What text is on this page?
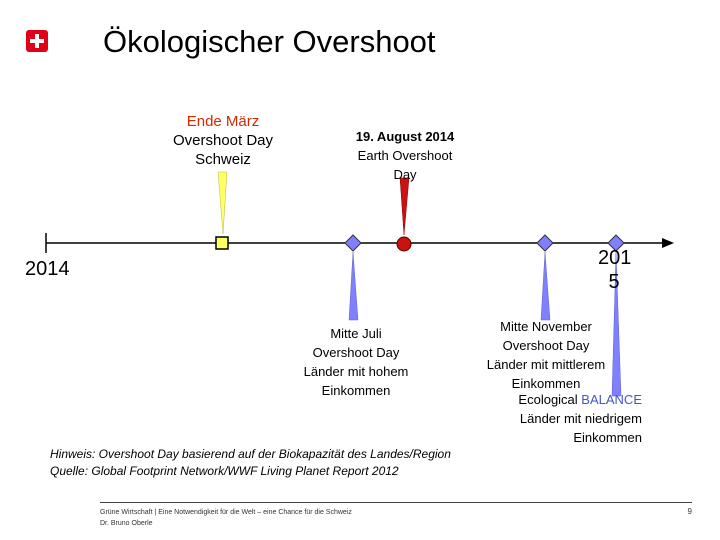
Ökologischer Overshoot
Ende März
Overshoot Day
Schweiz
19. August 2014
Earth Overshoot
Day
Mitte Juli
Overshoot Day
Länder mit hohem
Einkommen
Mitte November
Overshoot Day
Länder mit mittlerem
Einkommen
Ecological BALANCE
Länder mit niedrigem
Einkommen
2014	201
5
Hinweis: Overshoot Day basierend auf der Biokapazität des Landes/Region
Quelle: Global Footprint Network/WWF Living Planet Report 2012
Grüne Wirtschaft | Eine Notwendigkeit für die Welt – eine Chance für die Schweiz
Dr. Bruno Oberle
9
